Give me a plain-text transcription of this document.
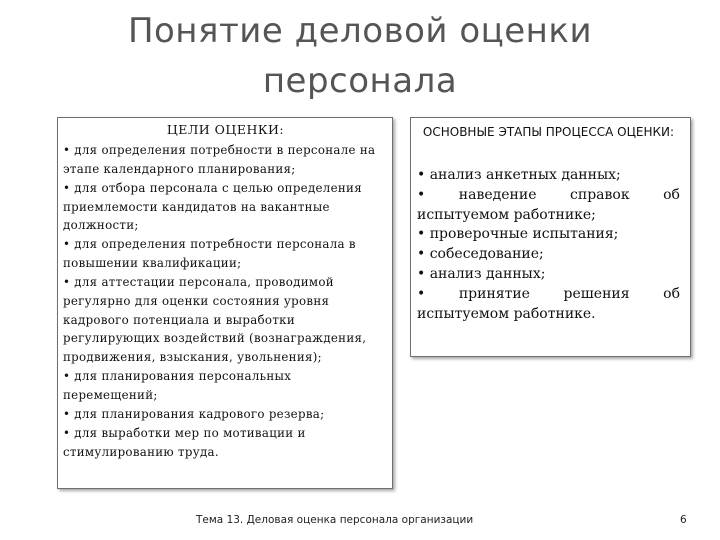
Понятие деловой оценки
персонала
ЦЕЛИ ОЦЕНКИ:
• для определения потребности в персонале на этапе календарного планирования;
• для отбора персонала с целью определения приемлемости кандидатов на вакантные должности;
• для определения потребности персонала в повышении квалификации;
• для аттестации персонала, проводимой регулярно для оценки состояния уровня кадрового потенциала и выработки регулирующих воздействий (вознаграждения, продвижения, взыскания, увольнения);
• для планирования персональных перемещений;
• для планирования кадрового резерва;
• для выработки мер по мотивации и стимулированию труда.
ОСНОВНЫЕ ЭТАПЫ ПРОЦЕССА ОЦЕНКИ:
• анализ анкетных данных;
• наведение справок об испытуемом работнике;
• проверочные испытания;
• собеседование;
• анализ данных;
• принятие решения об испытуемом работнике.
Тема 13. Деловая оценка персонала организации	6
